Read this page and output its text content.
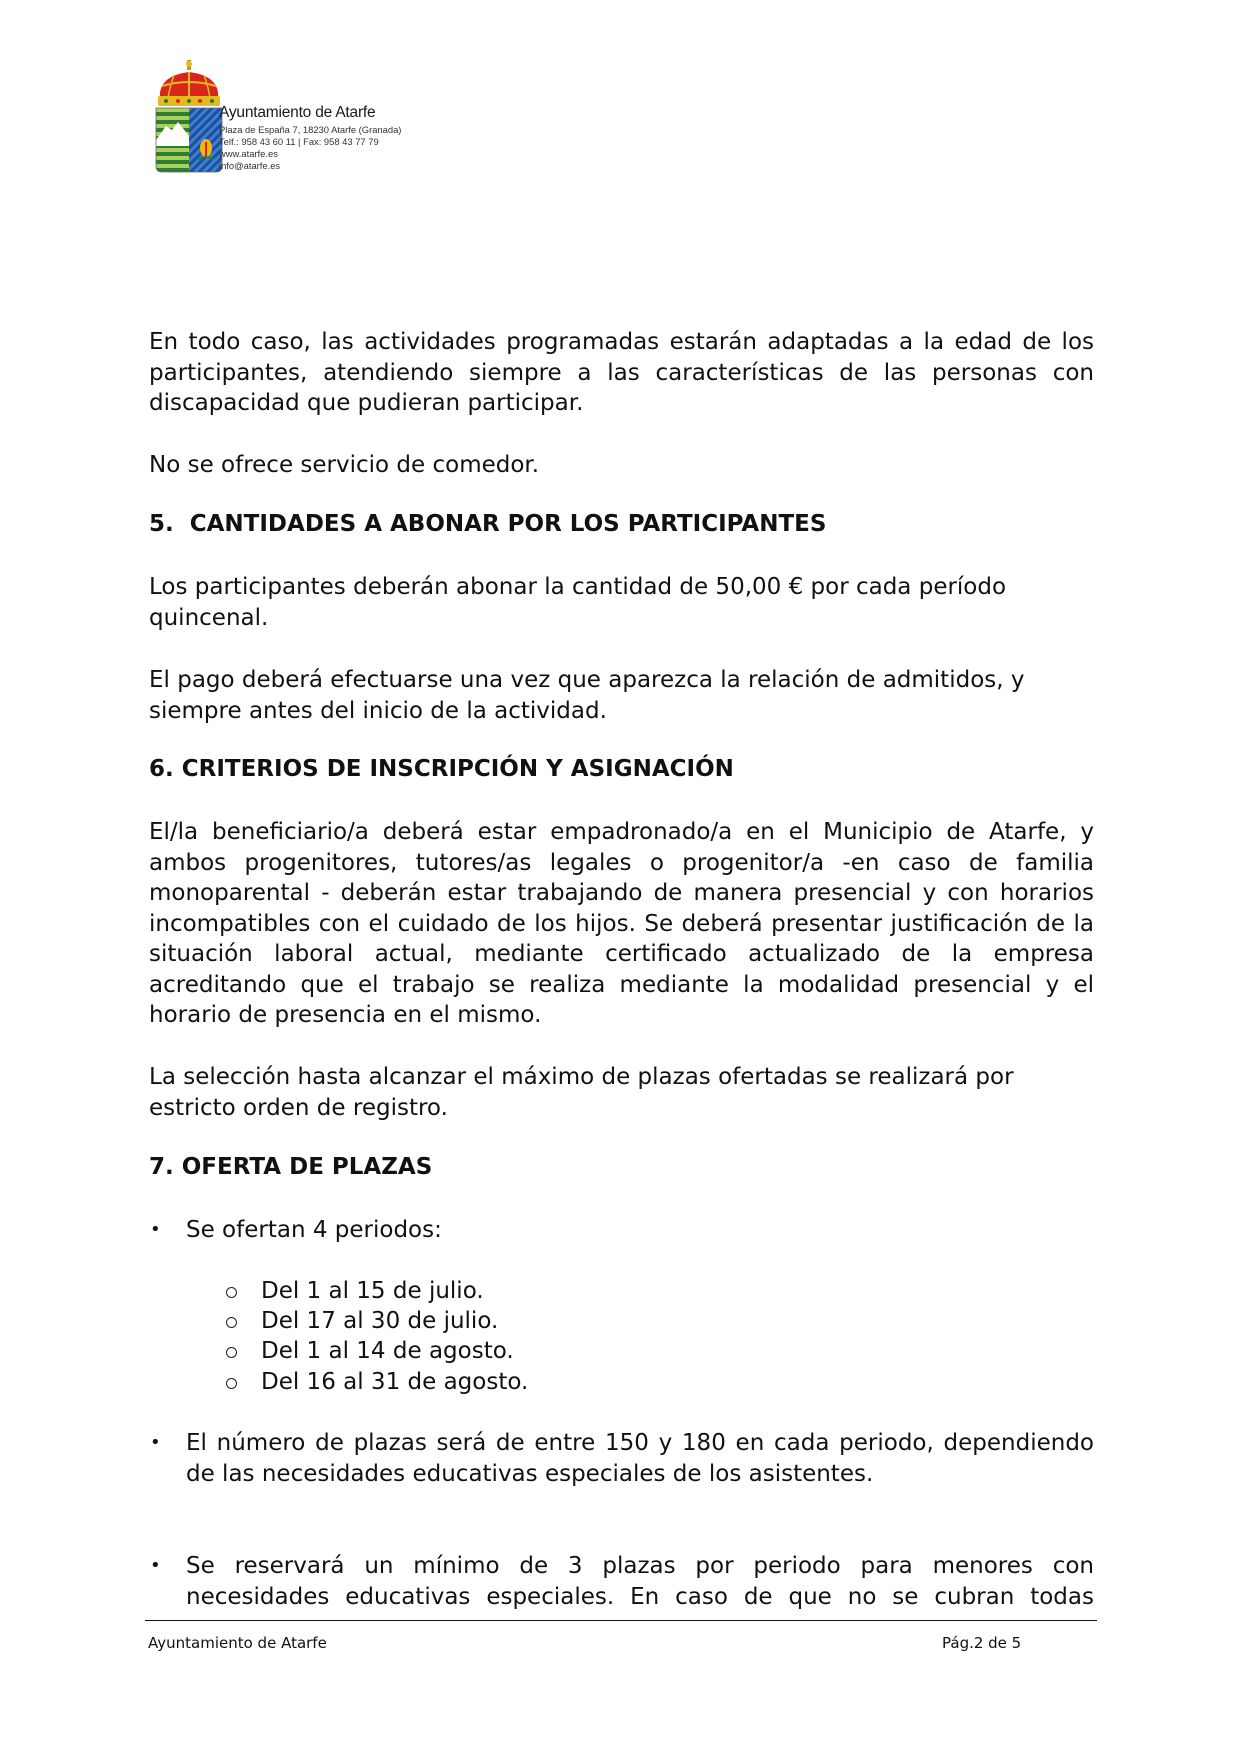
Ayuntamiento de Atarfe
Plaza de España 7, 18230 Atarfe (Granada)
Telf.: 958 43 60 11 | Fax: 958 43 77 79
www.atarfe.es
info@atarfe.es
En todo caso, las actividades programadas estarán adaptadas a la edad de los participantes, atendiendo siempre a las características de las personas con discapacidad que pudieran participar.
No se ofrece servicio de comedor.
5.  CANTIDADES A ABONAR POR LOS PARTICIPANTES
Los participantes deberán abonar la cantidad de 50,00 € por cada período quincenal.
El pago deberá efectuarse una vez que aparezca la relación de admitidos, y siempre antes del inicio de la actividad.
6. CRITERIOS DE INSCRIPCIÓN Y ASIGNACIÓN
El/la beneficiario/a deberá estar empadronado/a en el Municipio de Atarfe, y ambos progenitores, tutores/as legales o progenitor/a -en caso de familia monoparental - deberán estar trabajando de manera presencial y con horarios incompatibles con el cuidado de los hijos. Se deberá presentar justificación de la situación laboral actual, mediante certificado actualizado de la empresa acreditando que el trabajo se realiza mediante la modalidad presencial y el horario de presencia en el mismo.
La selección hasta alcanzar el máximo de plazas ofertadas se realizará por estricto orden de registro.
7. OFERTA DE PLAZAS
• Se ofertan 4 periodos:
Del 1 al 15 de julio.
Del 17 al 30 de julio.
Del 1 al 14 de agosto.
Del 16 al 31 de agosto.
• El número de plazas será de entre 150 y 180 en cada periodo, dependiendo de las necesidades educativas especiales de los asistentes.
• Se reservará un mínimo de 3 plazas por periodo para menores con necesidades educativas especiales. En caso de que no se cubran todas
Ayuntamiento de Atarfe	Pág.2 de 5
